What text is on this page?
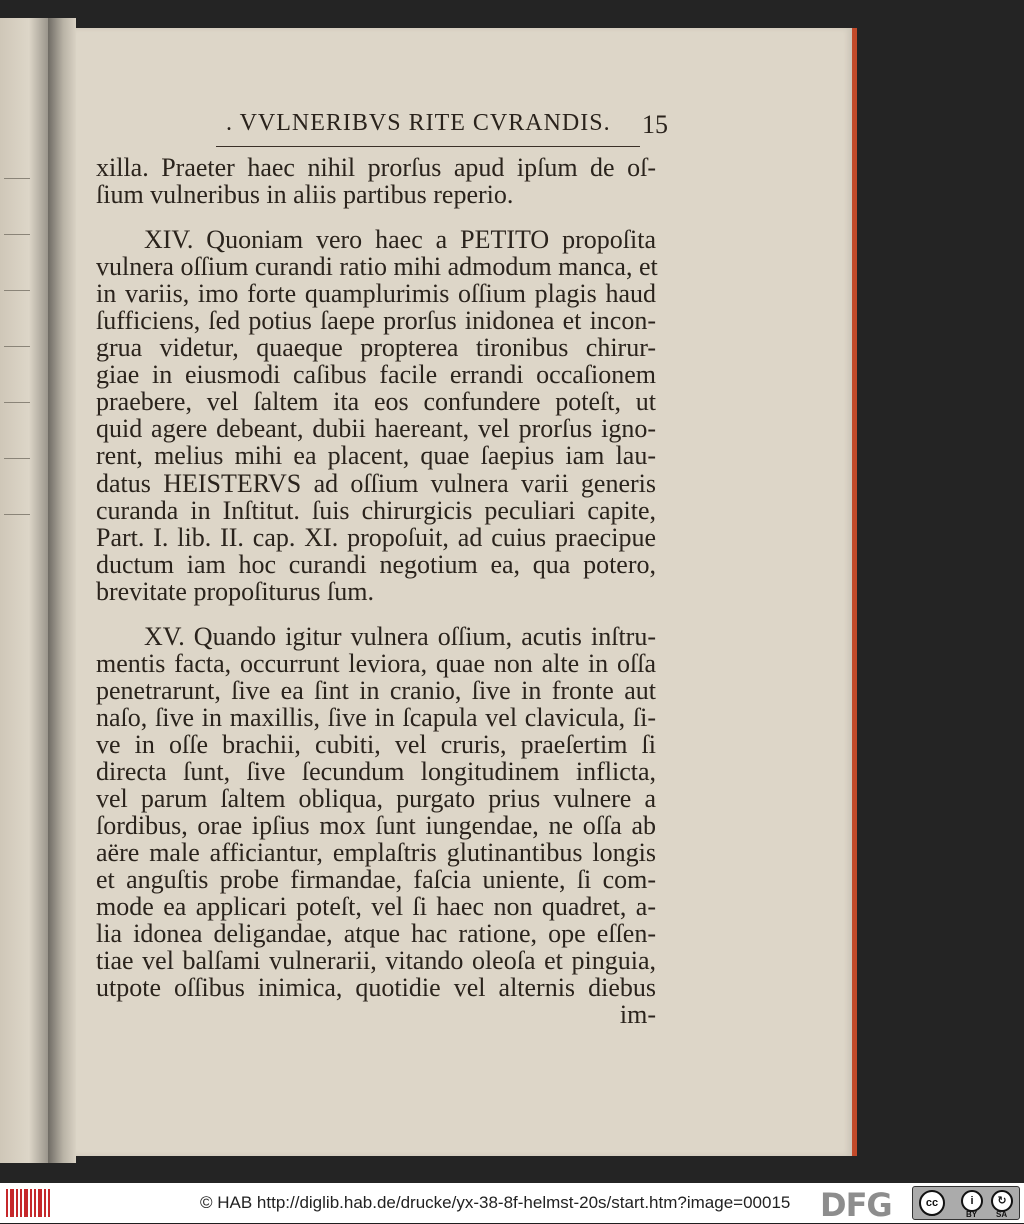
. VVLNERIBVS RITE CVRANDIS. 15
xilla. Praeter haec nihil prorſus apud ipſum de oſ-
ſium vulneribus in aliis partibus reperio.
XIV. Quoniam vero haec a PETITO propoſita
vulnera oſſium curandi ratio mihi admodum manca, et
in variis, imo forte quamplurimis oſſium plagis haud
ſufficiens, ſed potius ſaepe prorſus inidonea et incon-
grua videtur, quaeque propterea tironibus chirur-
giae in eiusmodi caſibus facile errandi occaſionem
praebere, vel ſaltem ita eos confundere poteſt, ut
quid agere debeant, dubii haereant, vel prorſus igno-
rent, melius mihi ea placent, quae ſaepius iam lau-
datus HEISTERVS ad oſſium vulnera varii generis
curanda in Inſtitut. ſuis chirurgicis peculiari capite,
Part. I. lib. II. cap. XI. propoſuit, ad cuius praecipue
ductum iam hoc curandi negotium ea, qua potero,
brevitate propoſiturus ſum.
XV. Quando igitur vulnera oſſium, acutis inſtru-
mentis facta, occurrunt leviora, quae non alte in oſſa
penetrarunt, ſive ea ſint in cranio, ſive in fronte aut
naſo, ſive in maxillis, ſive in ſcapula vel clavicula, ſi-
ve in oſſe brachii, cubiti, vel cruris, praeſertim ſi
directa ſunt, ſive ſecundum longitudinem inflicta,
vel parum ſaltem obliqua, purgato prius vulnere a
ſordibus, orae ipſius mox ſunt iungendae, ne oſſa ab
aëre male afficiantur, emplaſtris glutinantibus longis
et anguſtis probe firmandae, faſcia uniente, ſi com-
mode ea applicari poteſt, vel ſi haec non quadret, a-
lia idonea deligandae, atque hac ratione, ope eſſen-
tiae vel balſami vulnerarii, vitando oleoſa et pinguia,
utpote oſſibus inimica, quotidie vel alternis diebus
im-
© HAB http://diglib.hab.de/drucke/yx-38-8f-helmst-20s/start.htm?image=00015 DFG	cc	i	↻
BY SA
